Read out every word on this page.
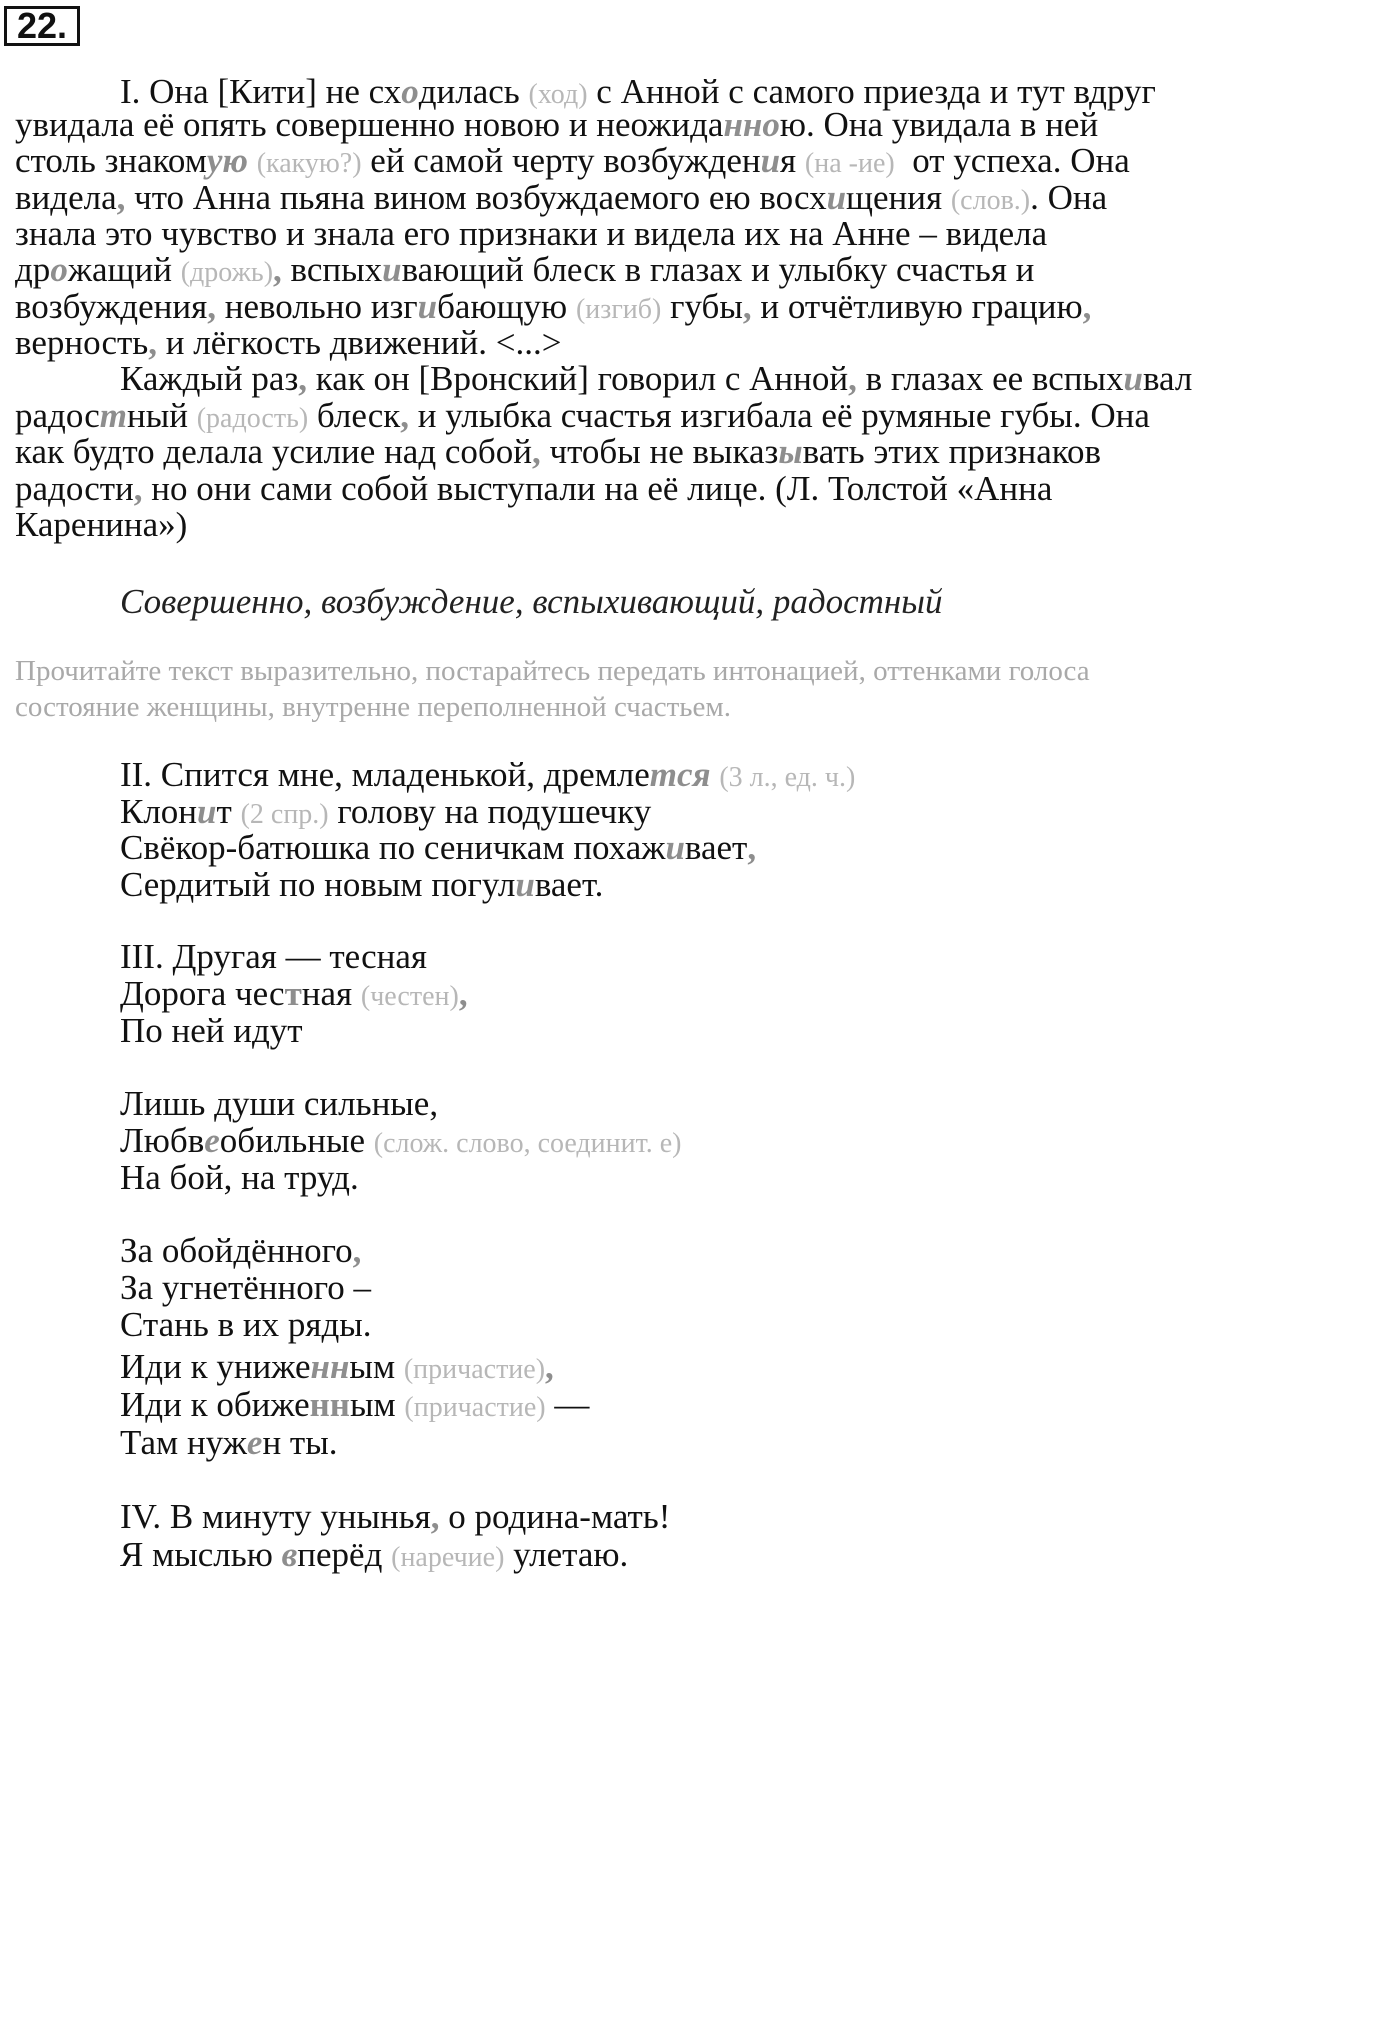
22.
I. Она [Кити] не сходилась (ход) с Анной с самого приезда и тут вдруг
увидала её опять совершенно новою и неожиданною. Она увидала в ней
столь знакомую (какую?) ей самой черту возбуждения (на -ие)  от успеха. Она
видела, что Анна пьяна вином возбуждаемого ею восхищения (слов.). Она
знала это чувство и знала его признаки и видела их на Анне – видела
дрожащий (дрожь), вспыхивающий блеск в глазах и улыбку счастья и
возбуждения, невольно изгибающую (изгиб) губы, и отчётливую грацию,
верность, и лёгкость движений. <...>
Каждый раз, как он [Вронский] говорил с Анной, в глазах ее вспыхивал
радостный (радость) блеск, и улыбка счастья изгибала её румяные губы. Она
как будто делала усилие над собой, чтобы не выказывать этих признаков
радости, но они сами собой выступали на её лице. (Л. Толстой «Анна
Каренина»)
Совершенно, возбуждение, вспыхивающий, радостный
Прочитайте текст выразительно, постарайтесь передать интонацией, оттенками голоса
состояние женщины, внутренне переполненной счастьем.
II. Спится мне, младенькой, дремлется (3 л., ед. ч.)
Клонит (2 спр.) голову на подушечку
Свёкор-батюшка по сеничкам похаживает,
Сердитый по новым погуливает.
III. Другая — тесная
Дорога честная (честен),
По ней идут
Лишь души сильные,
Любвеобильные (слож. слово, соединит. е)
На бой, на труд.
За обойдённого,
За угнетённого –
Стань в их ряды.
Иди к униженным (причастие),
Иди к обиженным (причастие) —
Там нужен ты.
IV. В минуту унынья, о родина-мать!
Я мыслью вперёд (наречие) улетаю.
